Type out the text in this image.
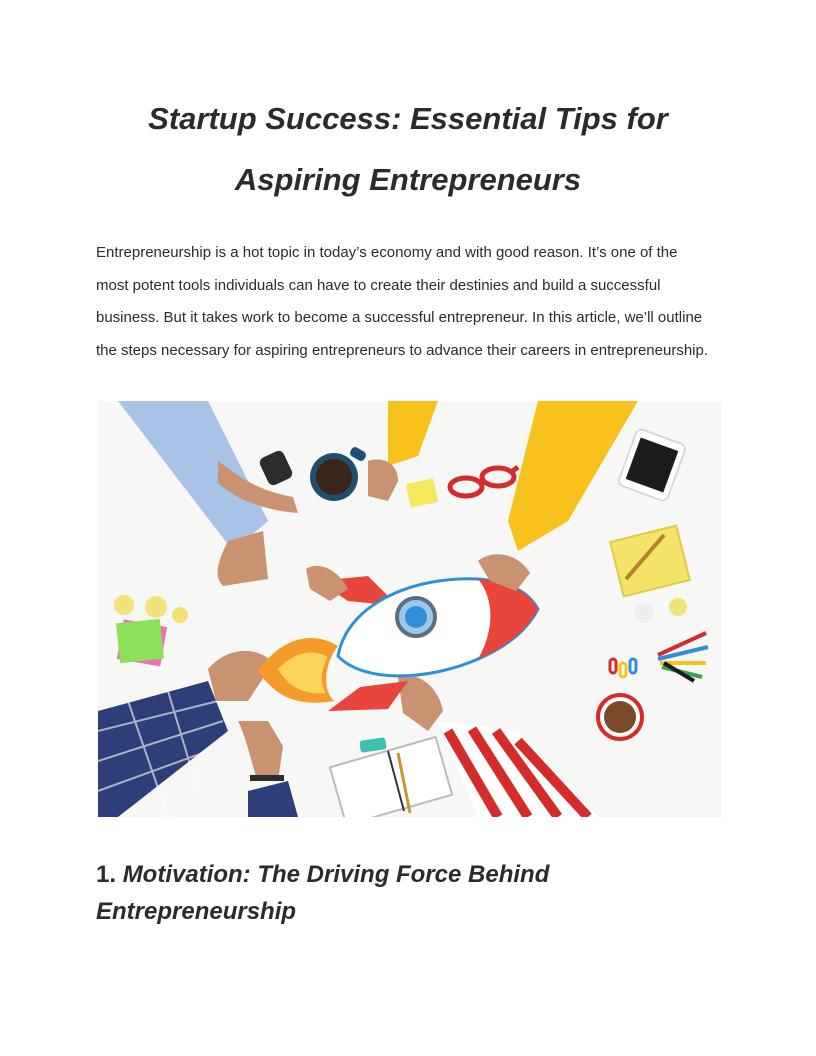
Startup Success: Essential Tips for
Aspiring Entrepreneurs

Entrepreneurship is a hot topic in today’s economy and with good reason. It’s one of the
most potent tools individuals can have to create their destinies and build a successful
business. But it takes work to become a successful entrepreneur. In this article, we’ll outline
the steps necessary for aspiring entrepreneurs to advance their careers in entrepreneurship.

1. Motivation: The Driving Force Behind Entrepreneurship
